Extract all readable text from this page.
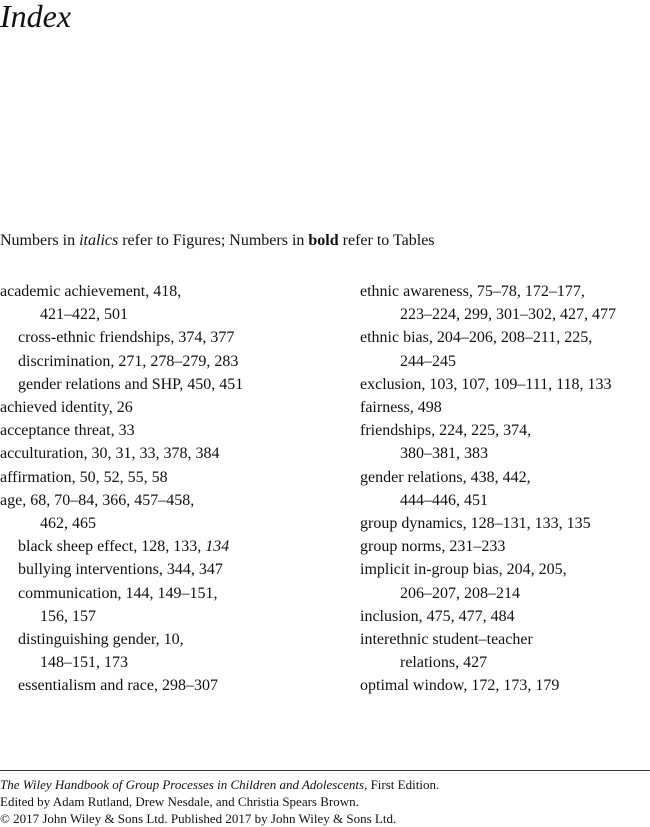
Index
Numbers in italics refer to Figures; Numbers in bold refer to Tables
academic achievement, 418,
421–422, 501
cross-ethnic friendships, 374, 377
discrimination, 271, 278–279, 283
gender relations and SHP, 450, 451
achieved identity, 26
acceptance threat, 33
acculturation, 30, 31, 33, 378, 384
affirmation, 50, 52, 55, 58
age, 68, 70–84, 366, 457–458,
462, 465
black sheep effect, 128, 133, 134
bullying interventions, 344, 347
communication, 144, 149–151,
156, 157
distinguishing gender, 10,
148–151, 173
essentialism and race, 298–307
ethnic awareness, 75–78, 172–177,
223–224, 299, 301–302, 427, 477
ethnic bias, 204–206, 208–211, 225,
244–245
exclusion, 103, 107, 109–111, 118, 133
fairness, 498
friendships, 224, 225, 374,
380–381, 383
gender relations, 438, 442,
444–446, 451
group dynamics, 128–131, 133, 135
group norms, 231–233
implicit in-group bias, 204, 205,
206–207, 208–214
inclusion, 475, 477, 484
interethnic student–teacher
relations, 427
optimal window, 172, 173, 179
The Wiley Handbook of Group Processes in Children and Adolescents, First Edition.
Edited by Adam Rutland, Drew Nesdale, and Christia Spears Brown.
© 2017 John Wiley & Sons Ltd. Published 2017 by John Wiley & Sons Ltd.
